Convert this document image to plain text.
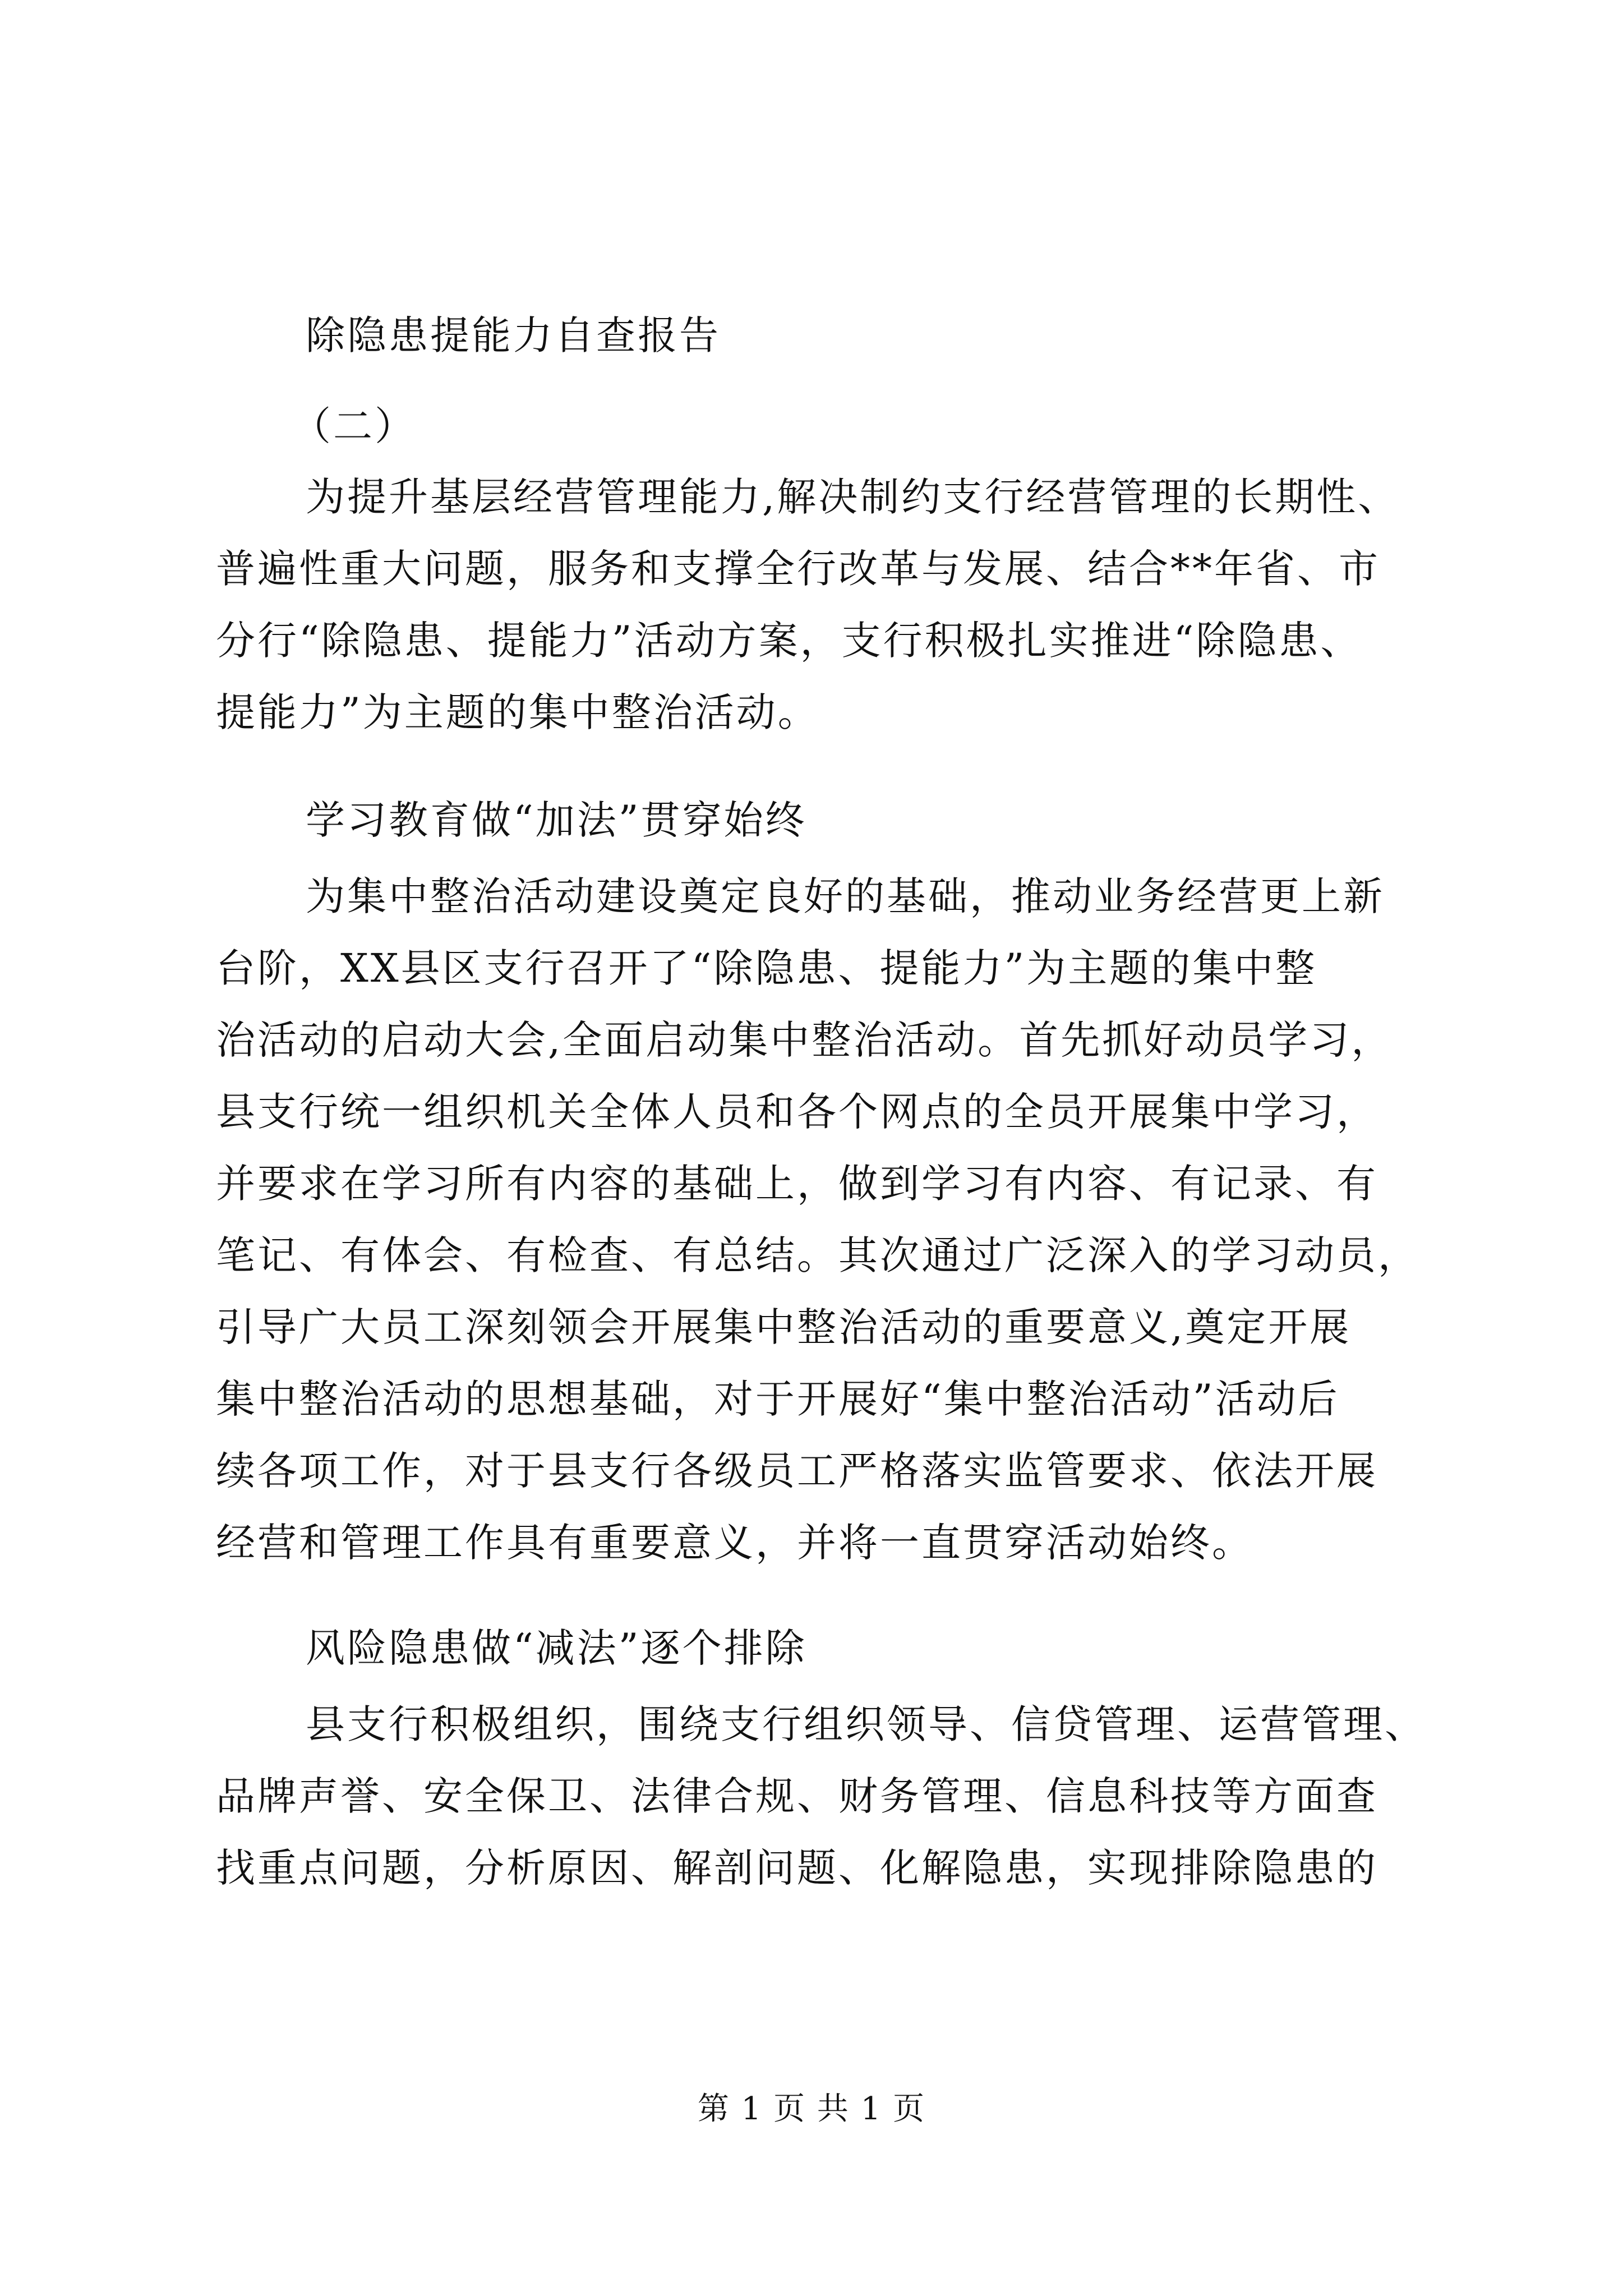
除隐患提能力自查报告
（二）
为提升基层经营管理能力,解决制约支行经营管理的长期性、
普遍性重大问题，服务和支撑全行改革与发展、结合**年省、市
分行“除隐患、提能力”活动方案，支行积极扎实推进“除隐患、
提能力”为主题的集中整治活动。
学习教育做“加法”贯穿始终
为集中整治活动建设奠定良好的基础，推动业务经营更上新
台阶，XX县区支行召开了“除隐患、提能力”为主题的集中整
治活动的启动大会,全面启动集中整治活动。首先抓好动员学习，
县支行统一组织机关全体人员和各个网点的全员开展集中学习，
并要求在学习所有内容的基础上，做到学习有内容、有记录、有
笔记、有体会、有检查、有总结。其次通过广泛深入的学习动员，
引导广大员工深刻领会开展集中整治活动的重要意义,奠定开展
集中整治活动的思想基础，对于开展好“集中整治活动”活动后
续各项工作，对于县支行各级员工严格落实监管要求、依法开展
经营和管理工作具有重要意义，并将一直贯穿活动始终。
风险隐患做“减法”逐个排除
县支行积极组织，围绕支行组织领导、信贷管理、运营管理、
品牌声誉、安全保卫、法律合规、财务管理、信息科技等方面查
找重点问题，分析原因、解剖问题、化解隐患，实现排除隐患的
第 1 页 共 1 页
